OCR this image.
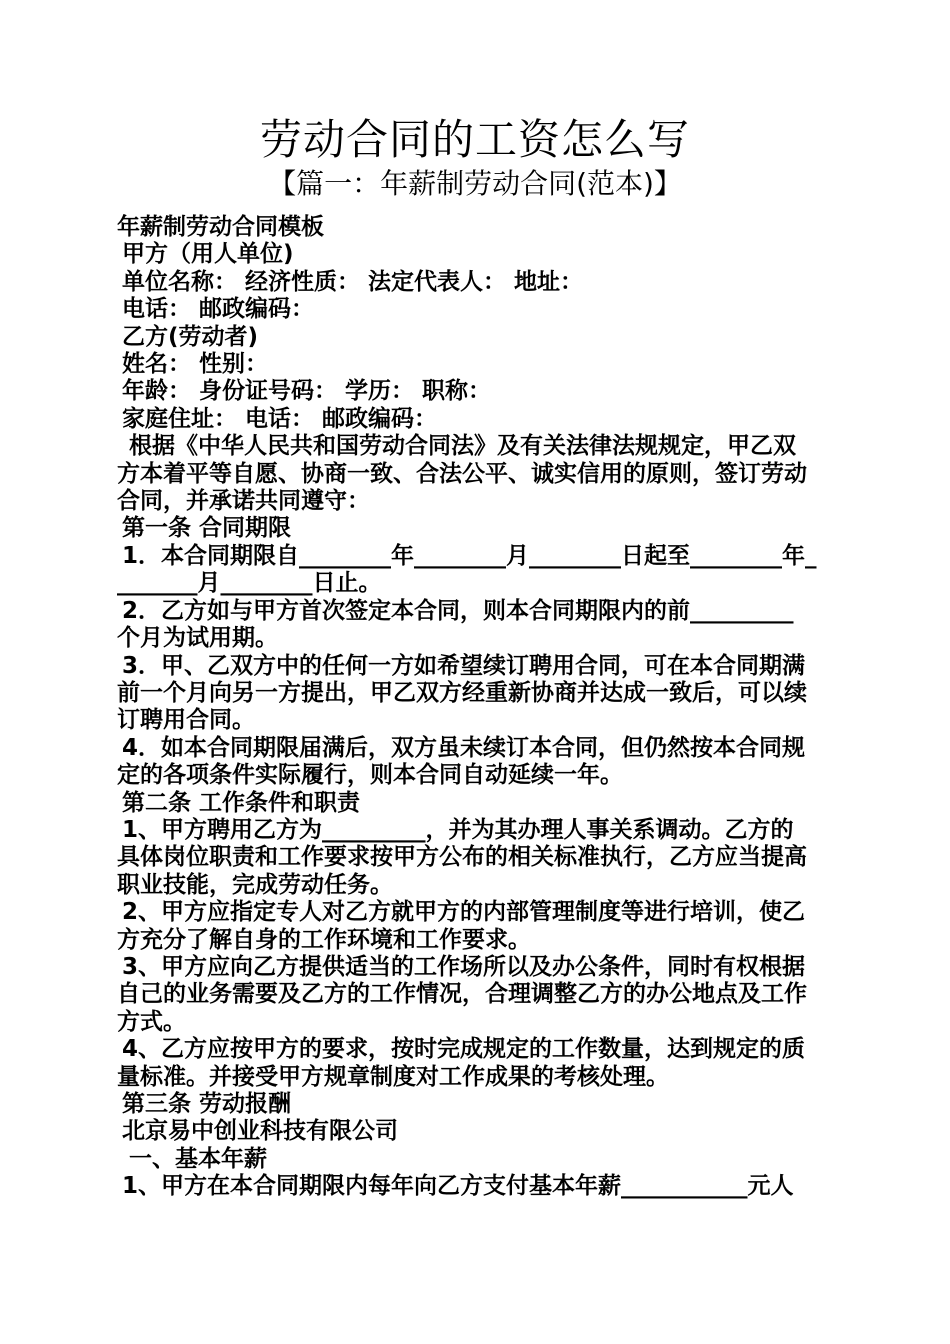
劳动合同的工资怎么写
【篇一：年薪制劳动合同(范本)】
年薪制劳动合同模板
甲方（用人单位)
单位名称： 经济性质： 法定代表人： 地址：
电话： 邮政编码：
乙方(劳动者)
姓名： 性别：
年龄： 身份证号码： 学历： 职称：
家庭住址： 电话： 邮政编码：
根据《中华人民共和国劳动合同法》及有关法律法规规定，甲乙双
方本着平等自愿、协商一致、合法公平、诚实信用的原则，签订劳动
合同，并承诺共同遵守：
第一条 合同期限
1．本合同期限自________年________月________日起至________年_
_______月________日止。
2．乙方如与甲方首次签定本合同，则本合同期限内的前_________
个月为试用期。
3．甲、乙双方中的任何一方如希望续订聘用合同，可在本合同期满
前一个月向另一方提出，甲乙双方经重新协商并达成一致后，可以续
订聘用合同。
4．如本合同期限届满后，双方虽未续订本合同，但仍然按本合同规
定的各项条件实际履行，则本合同自动延续一年。
第二条 工作条件和职责
1、甲方聘用乙方为_________，并为其办理人事关系调动。乙方的
具体岗位职责和工作要求按甲方公布的相关标准执行，乙方应当提高
职业技能，完成劳动任务。
2、甲方应指定专人对乙方就甲方的内部管理制度等进行培训，使乙
方充分了解自身的工作环境和工作要求。
3、甲方应向乙方提供适当的工作场所以及办公条件，同时有权根据
自己的业务需要及乙方的工作情况，合理调整乙方的办公地点及工作
方式。
4、乙方应按甲方的要求，按时完成规定的工作数量，达到规定的质
量标准。并接受甲方规章制度对工作成果的考核处理。
第三条 劳动报酬
北京易中创业科技有限公司
一、基本年薪
1、甲方在本合同期限内每年向乙方支付基本年薪___________元人
